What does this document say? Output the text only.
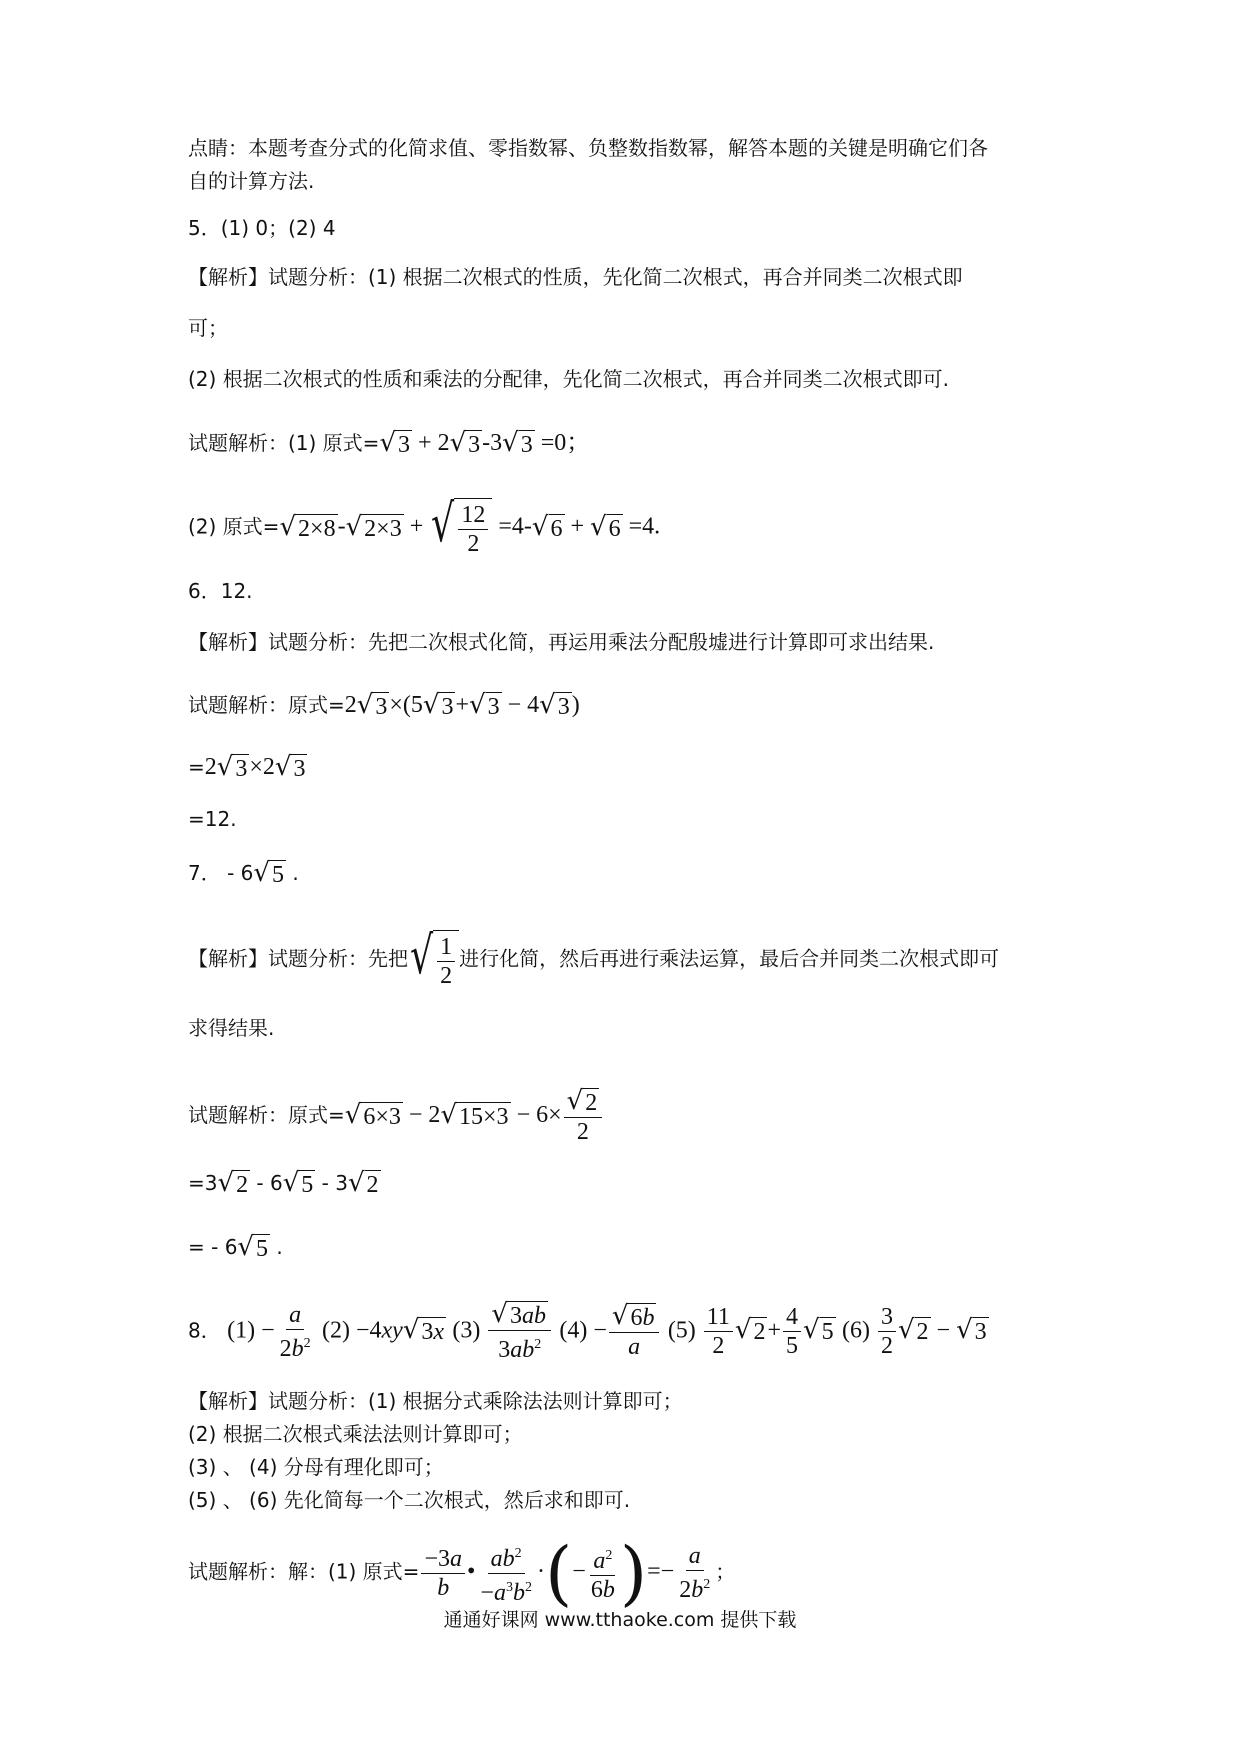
点睛：本题考查分式的化简求值、零指数幂、负整数指数幂，解答本题的关键是明确它们各
自的计算方法.
5．(1) 0；(2) 4
【解析】试题分析：(1) 根据二次根式的性质，先化简二次根式，再合并同类二次根式即
可；
(2) 根据二次根式的性质和乘法的分配律，先化简二次根式，再合并同类二次根式即可.
试题解析：(1) 原式= √ 3 + 2 √ 3 -3 √ 3 =0；
(2) 原式= √ 2×8 - √ 2×3 + √ $\frac{12}{2} =4-$ √ 6 + √ 6 =4.
6．12.
【解析】试题分析：先把二次根式化简，再运用乘法分配殷墟进行计算即可求出结果.
试题解析：原式=2 √ 3 ×(5 √ 3 + √ 3 − 4 √ 3 )
=2 √ 3 ×2 √ 3
=12.
7． - 6 √ 5 .
【解析】试题分析：先把 √ $\frac{1}{2}$ 进行化简，然后再进行乘法运算，最后合并同类二次根式即可
求得结果.
试题解析：原式= √ 6×3 − 2 √ $15\times 3 - 6\times \frac{√ 2}{2}$
=3 √ 2 - 6 √ 5 - 3 √ 2
= - 6 √ 5 .
8． $(1) - \frac{a}{2b^2} (2) -4xy$ √ 3x $(3) \frac{√ 3ab}{3ab^2} (4) - \frac{√ 6b}{a} (5) \frac{11}{2}$ √ $2 + \frac{4}{5}$ √ 5 $(6) \frac{3}{2}$ √ 2 − √ 3
【解析】试题分析：(1) 根据分式乘除法法则计算即可；
(2) 根据二次根式乘法法则计算即可；
(3) 、 (4) 分母有理化即可；
(5) 、 (6) 先化简每一个二次根式，然后求和即可.
试题解析：解：(1) 原式= $\frac{-3a}{b}$ • $\frac{ab^2}{-a^3b^2}$ ·(− $\frac{a^2}{6b}$ )=− $\frac{a}{2b^2}$ ；
通通好课网 www.tthaoke.com 提供下载
